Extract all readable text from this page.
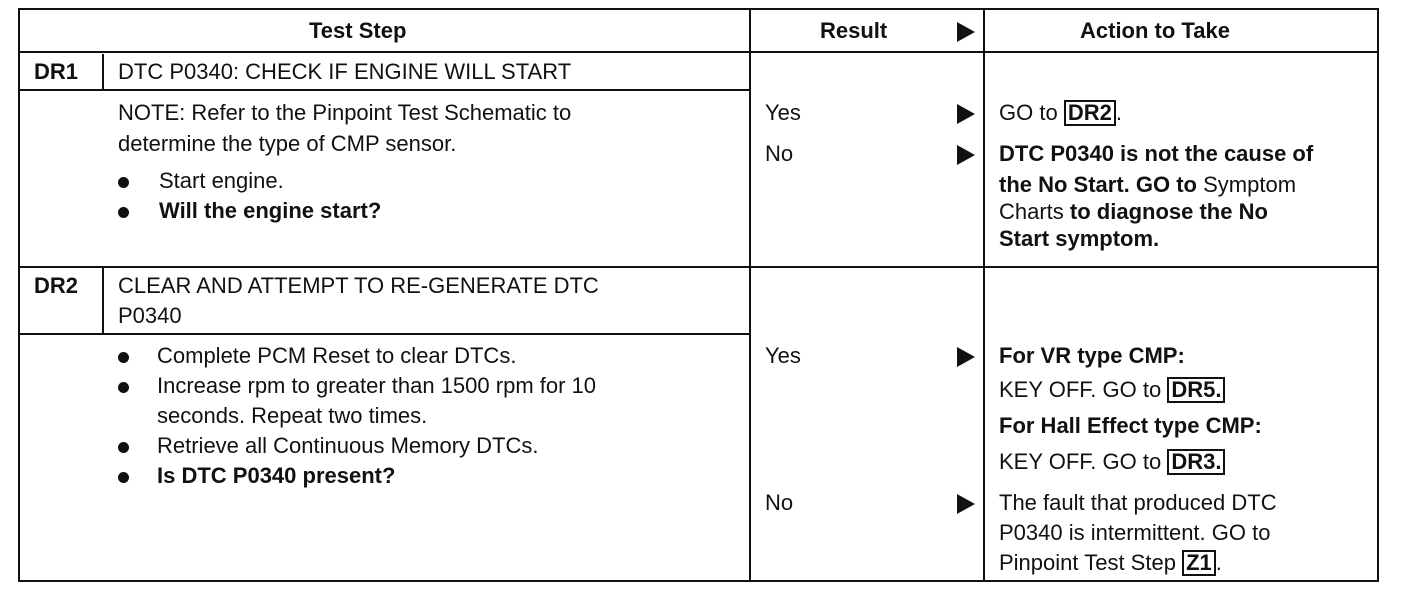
Test Step	Result	Action to Take
DR1 DTC P0340: CHECK IF ENGINE WILL START
NOTE: Refer to the Pinpoint Test Schematic to
determine the type of CMP sensor.
Start engine.
Will the engine start?
Yes	GO to DR2 .
No	DTC P0340 is not the cause of
the No Start. GO to Symptom
Charts to diagnose the No
Start symptom.
DR2 CLEAR AND ATTEMPT TO RE-GENERATE DTC
P0340
Complete PCM Reset to clear DTCs.
Increase rpm to greater than 1500 rpm for 10
seconds. Repeat two times.
Retrieve all Continuous Memory DTCs.
Is DTC P0340 present?
Yes	For VR type CMP:
KEY OFF. GO to DR5.
For Hall Effect type CMP:
KEY OFF. GO to DR3.
No	The fault that produced DTC
P0340 is intermittent. GO to
Pinpoint Test Step Z1 .
